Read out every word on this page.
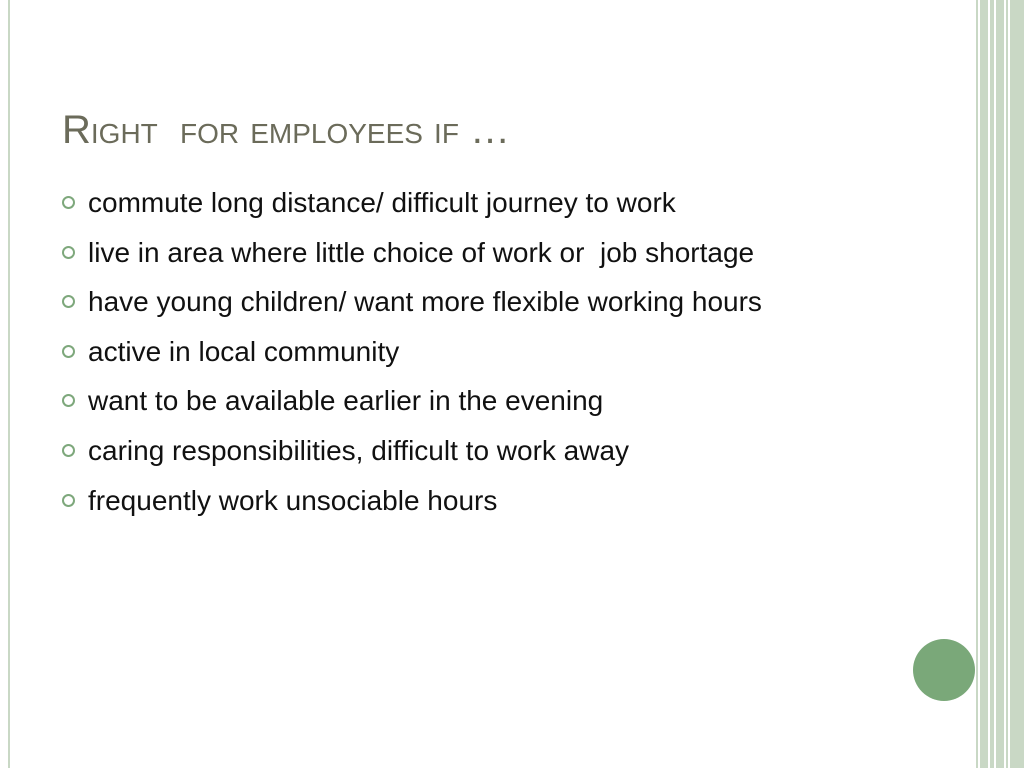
Right  for employees if …
commute long distance/ difficult journey to work
live in area where little choice of work or  job shortage
have young children/ want more flexible working hours
active in local community
want to be available earlier in the evening
caring responsibilities, difficult to work away
frequently work unsociable hours
